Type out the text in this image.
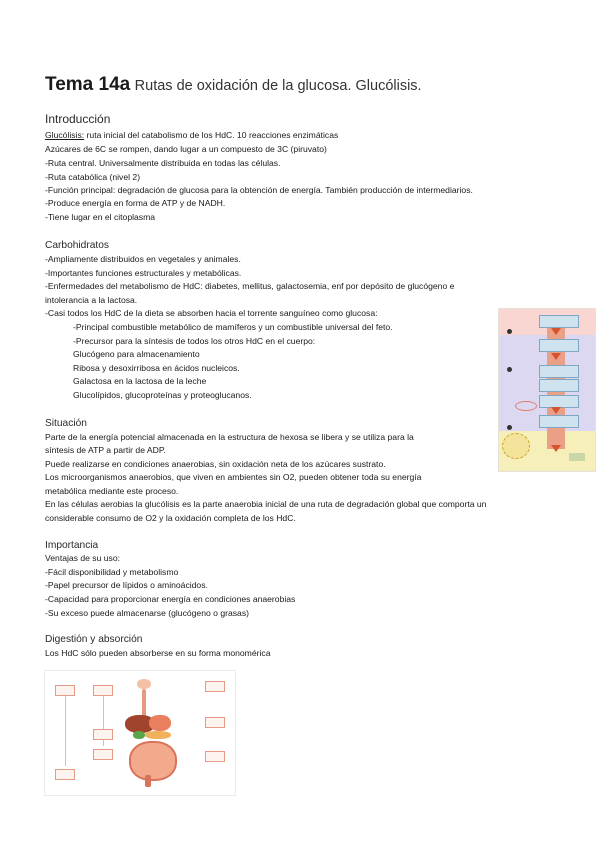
Tema 14a Rutas de oxidación de la glucosa. Glucólisis.
Introducción
Glucólisis: ruta inicial del catabolismo de los HdC. 10 reacciones enzimáticas
Azúcares de 6C se rompen, dando lugar a un compuesto de 3C (piruvato)
-Ruta central. Universalmente distribuida en todas las células.
-Ruta catabólica (nivel 2)
-Función principal: degradación de glucosa para la obtención de energía. También producción de intermediarios.
-Produce energía en forma de ATP y de NADH.
-Tiene lugar en el citoplasma
Carbohidratos
-Ampliamente distribuidos en vegetales y animales.
-Importantes funciones estructurales y metabólicas.
-Enfermedades del metabolismo de HdC: diabetes, mellitus, galactosemia, enf por depósito de glucógeno e
intolerancia a la lactosa.
-Casi todos los HdC de la dieta se absorben hacia el torrente sanguíneo como glucosa:
-Principal combustible metabólico de mamíferos y un combustible universal del feto.
-Precursor para la síntesis de todos los otros HdC en el cuerpo:
Glucógeno para almacenamiento
Ribosa y desoxirribosa en ácidos nucleicos.
Galactosa en la lactosa de la leche
Glucolípidos, glucoproteínas y proteoglucanos.
Situación
Parte de la energía potencial almacenada en la estructura de hexosa se libera y se utiliza para la
síntesis de ATP a partir de ADP.
Puede realizarse en condiciones anaerobias, sin oxidación neta de los azúcares sustrato.
Los microorganismos anaerobios, que viven en ambientes sin O2, pueden obtener toda su energía
metabólica mediante este proceso.
En las células aerobias la glucólisis es la parte anaerobia inicial de una ruta de degradación global que comporta un
considerable consumo de O2 y la oxidación completa de los HdC.
Importancia
Ventajas de su uso:
-Fácil disponibilidad y metabolismo
-Papel precursor de lípidos o aminoácidos.
-Capacidad para proporcionar energía en condiciones anaerobias
-Su exceso puede almacenarse (glucógeno o grasas)
Digestión y absorción
Los HdC sólo pueden absorberse en su forma monomérica
